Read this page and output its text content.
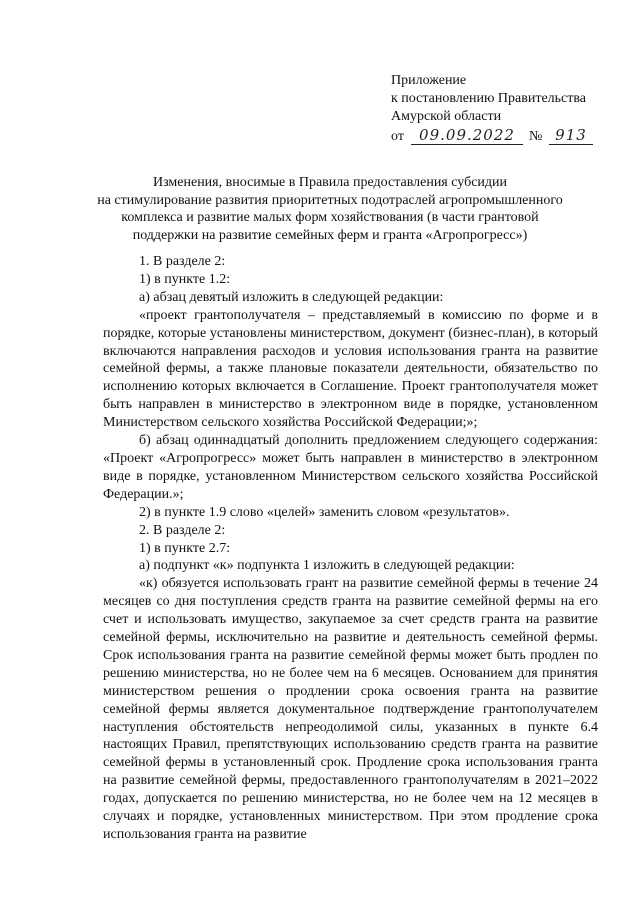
Приложение
к постановлению Правительства
Амурской области
от	09.09.2022	№ 913
Изменения, вносимые в Правила предоставления субсидии
на стимулирование развития приоритетных подотраслей агропромышленного
комплекса и развитие малых форм хозяйствования (в части грантовой
поддержки на развитие семейных ферм и гранта «Агропрогресс»)

1. В разделе 2:

1) в пункте 1.2:

а) абзац девятый изложить в следующей редакции:

«проект грантополучателя – представляемый в комиссию по форме и в порядке, которые установлены министерством, документ (бизнес-план), в который включаются направления расходов и условия использования гранта на развитие семейной фермы, а также плановые показатели деятельности, обязательство по исполнению которых включается в Соглашение. Проект грантополучателя может быть направлен в министерство в электронном виде в порядке, установленном Министерством сельского хозяйства Российской Федерации;»;

б) абзац одиннадцатый дополнить предложением следующего содержания: «Проект «Агропрогресс» может быть направлен в министерство в электронном виде в порядке, установленном Министерством сельского хозяйства Российской Федерации.»;

2) в пункте 1.9 слово «целей» заменить словом «результатов».

2. В разделе 2:

1) в пункте 2.7:

а) подпункт «к» подпункта 1 изложить в следующей редакции:

«к) обязуется использовать грант на развитие семейной фермы в течение 24 месяцев со дня поступления средств гранта на развитие семейной фермы на его счет и использовать имущество, закупаемое за счет средств гранта на развитие семейной фермы, исключительно на развитие и деятельность семейной фермы. Срок использования гранта на развитие семейной фермы может быть продлен по решению министерства, но не более чем на 6 месяцев. Основанием для принятия министерством решения о продлении срока освоения гранта на развитие семейной фермы является документальное подтверждение грантополучателем наступления обстоятельств непреодолимой силы, указанных в пункте 6.4 настоящих Правил, препятствующих использованию средств гранта на развитие семейной фермы в установленный срок. Продление срока использования гранта на развитие семейной фермы, предоставленного грантополучателям в 2021–2022 годах, допускается по решению министерства, но не более чем на 12 месяцев в случаях и порядке, установленных министерством. При этом продление срока использования гранта на развитие
